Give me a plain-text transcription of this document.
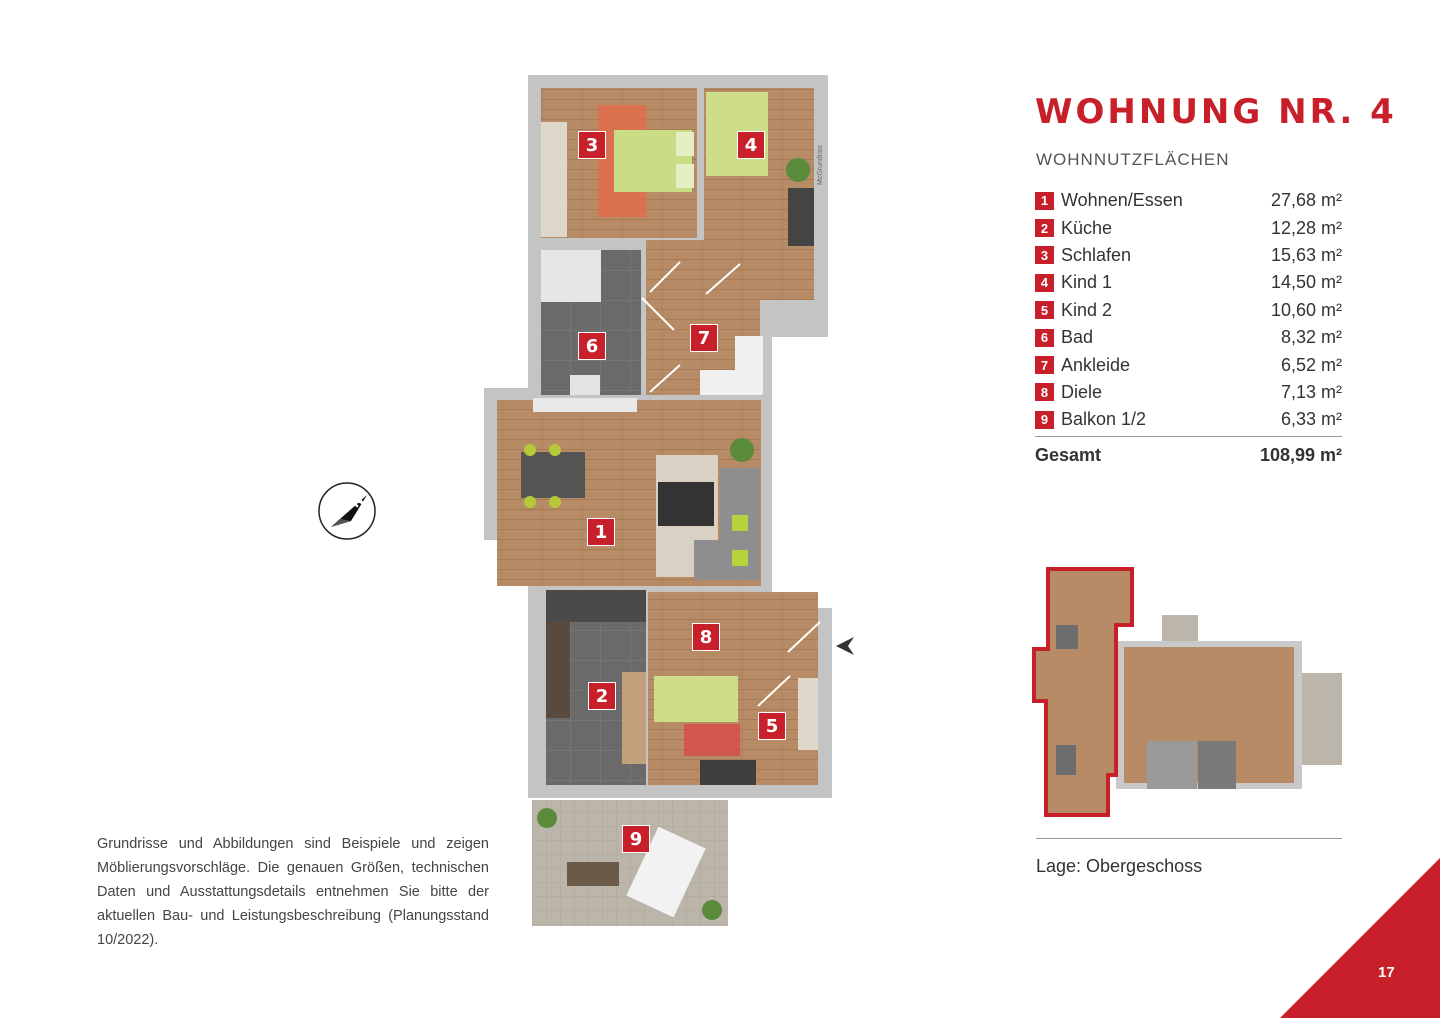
McGrundriss
3	4
6	7
1
8
2
5
9
N
WOHNUNG NR. 4
WOHNNUTZFLÄCHEN
1 Wohnen/Essen	27,68 m²
2 Küche	12,28 m²
3 Schlafen	15,63 m²
4 Kind 1	14,50 m²
5 Kind 2	10,60 m²
6 Bad	8,32 m²
7 Ankleide	6,52 m²
8 Diele	7,13 m²
9 Balkon 1/2	6,33 m²
Gesamt	108,99 m²
Lage: Obergeschoss
Grundrisse und Abbildungen sind Beispiele und zeigen Möblierungsvorschläge. Die genauen Größen, technischen Daten und Ausstattungsdetails entnehmen Sie bitte der aktuellen Bau- und Leistungsbeschreibung (Planungsstand 10/2022).
17
